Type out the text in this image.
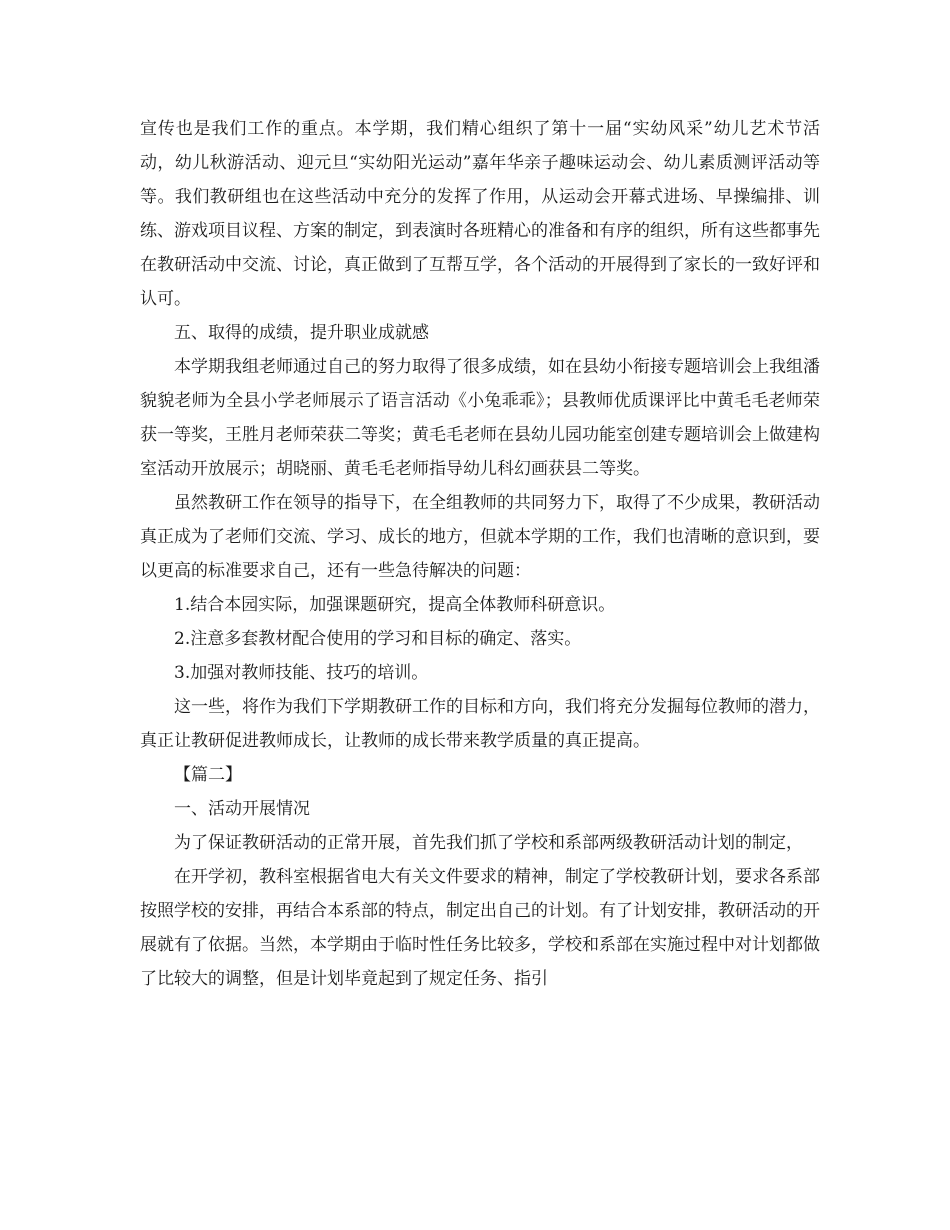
宣传也是我们工作的重点。本学期，我们精心组织了第十一届“实幼风采”幼儿艺术节活动，幼儿秋游活动、迎元旦“实幼阳光运动”嘉年华亲子趣味运动会、幼儿素质测评活动等等。我们教研组也在这些活动中充分的发挥了作用，从运动会开幕式进场、早操编排、训练、游戏项目议程、方案的制定，到表演时各班精心的准备和有序的组织，所有这些都事先在教研活动中交流、讨论，真正做到了互帮互学，各个活动的开展得到了家长的一致好评和认可。

五、取得的成绩，提升职业成就感

本学期我组老师通过自己的努力取得了很多成绩，如在县幼小衔接专题培训会上我组潘貌貌老师为全县小学老师展示了语言活动《小兔乖乖》；县教师优质课评比中黄毛毛老师荣获一等奖，王胜月老师荣获二等奖；黄毛毛老师在县幼儿园功能室创建专题培训会上做建构室活动开放展示；胡晓丽、黄毛毛老师指导幼儿科幻画获县二等奖。

虽然教研工作在领导的指导下，在全组教师的共同努力下，取得了不少成果，教研活动真正成为了老师们交流、学习、成长的地方，但就本学期的工作，我们也清晰的意识到，要以更高的标准要求自己，还有一些急待解决的问题：

1.结合本园实际，加强课题研究，提高全体教师科研意识。

2.注意多套教材配合使用的学习和目标的确定、落实。

3.加强对教师技能、技巧的培训。

这一些，将作为我们下学期教研工作的目标和方向，我们将充分发掘每位教师的潜力，真正让教研促进教师成长，让教师的成长带来教学质量的真正提高。

【篇二】

一、活动开展情况

为了保证教研活动的正常开展，首先我们抓了学校和系部两级教研活动计划的制定，

在开学初，教科室根据省电大有关文件要求的精神，制定了学校教研计划，要求各系部按照学校的安排，再结合本系部的特点，制定出自己的计划。有了计划安排，教研活动的开展就有了依据。当然，本学期由于临时性任务比较多，学校和系部在实施过程中对计划都做了比较大的调整，但是计划毕竟起到了规定任务、指引
